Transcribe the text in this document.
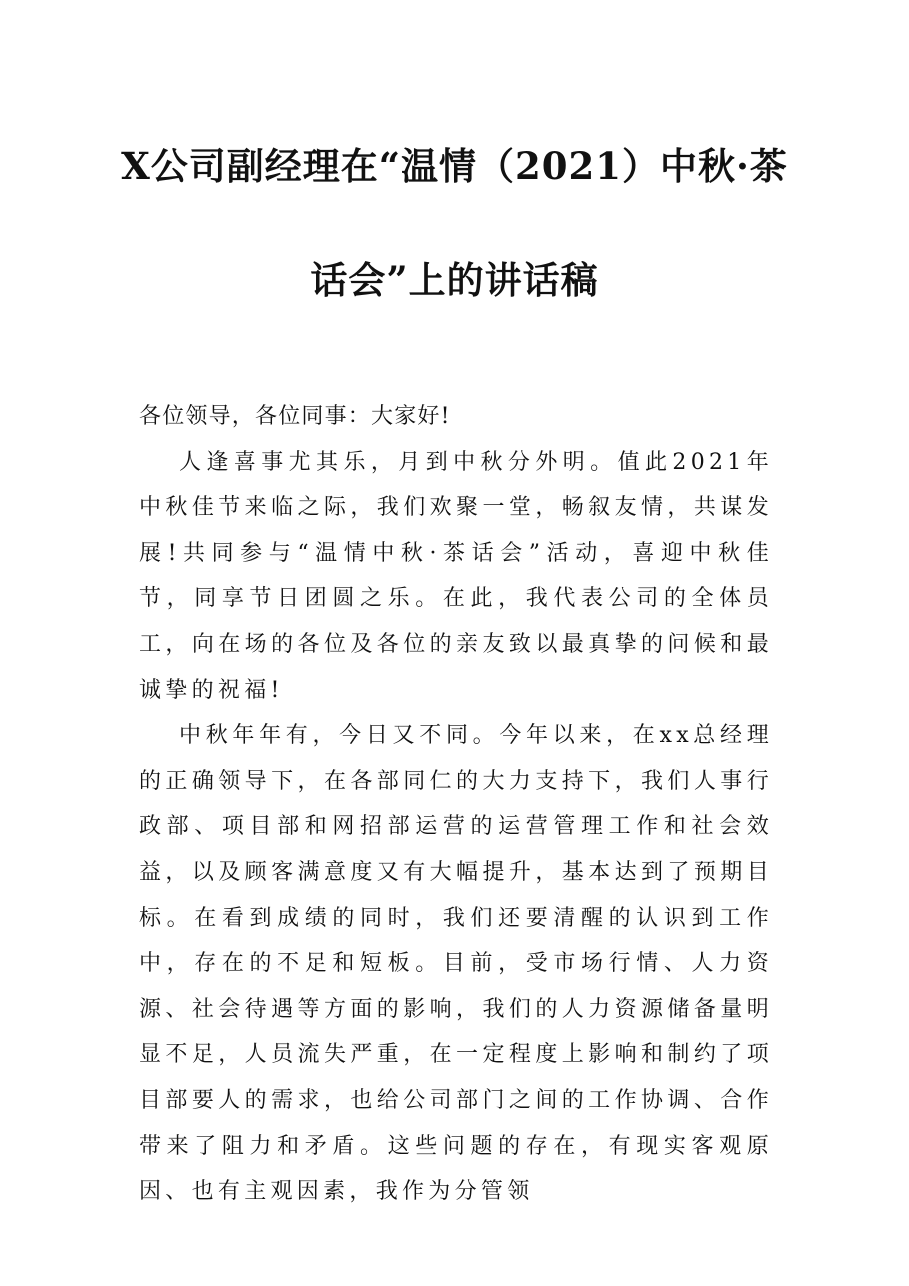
X公司副经理在“温情（2021）中秋·茶
话会”上的讲话稿

各位领导，各位同事：大家好!

人逢喜事尤其乐，月到中秋分外明。值此2021年中秋佳节来临之际，我们欢聚一堂，畅叙友情，共谋发展!共同参与“温情中秋·茶话会”活动，喜迎中秋佳节，同享节日团圆之乐。在此，我代表公司的全体员工，向在场的各位及各位的亲友致以最真挚的问候和最诚挚的祝福!

中秋年年有，今日又不同。今年以来，在xx总经理的正确领导下，在各部同仁的大力支持下，我们人事行政部、项目部和网招部运营的运营管理工作和社会效益，以及顾客满意度又有大幅提升，基本达到了预期目标。在看到成绩的同时，我们还要清醒的认识到工作中，存在的不足和短板。目前，受市场行情、人力资源、社会待遇等方面的影响，我们的人力资源储备量明显不足，人员流失严重，在一定程度上影响和制约了项目部要人的需求，也给公司部门之间的工作协调、合作带来了阻力和矛盾。这些问题的存在，有现实客观原因、也有主观因素，我作为分管领
